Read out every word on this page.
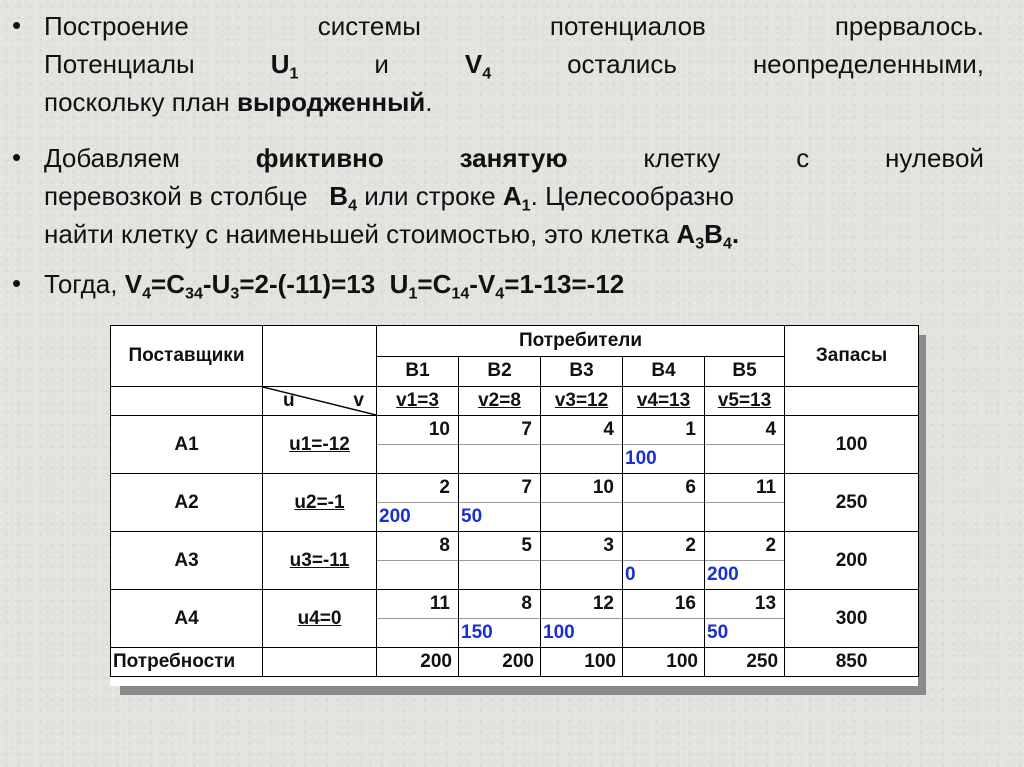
• Построение	системы	потенциалов	прервалось.
Потенциалы	$U_1$	и	$V_4$	остались	неопределенными,
поскольку план выродженный.
• Добавляем	фиктивно	занятую	клетку	с	нулевой
перевозкой в столбце   $B_4$ или строке $A_1$. Целесообразно
найти клетку с наименьшей стоимостью, это клетка $A_3B_4$.
• Тогда, $V_4=C_{34}-U_3=2-(-11)=13$ $U_1=C_{14}-V_4=1-13=-12$
Поставщики		Потребители					Запасы
		B1	B2	B3	B4	B5	

	u v	v1=3	v2=8	v3=12	v4=13	v5=13	
A1	u1=-12	10	7	4	1	4	100
					100		
A2	u2=-1	2	7	10	6	11	250
		200	50				
A3	u3=-11	8	5	3	2	2	200
					0	200	
A4	u4=0	11	8	12	16	13	300
			150	100		50	
Потребности		200	200	100	100	250	850
